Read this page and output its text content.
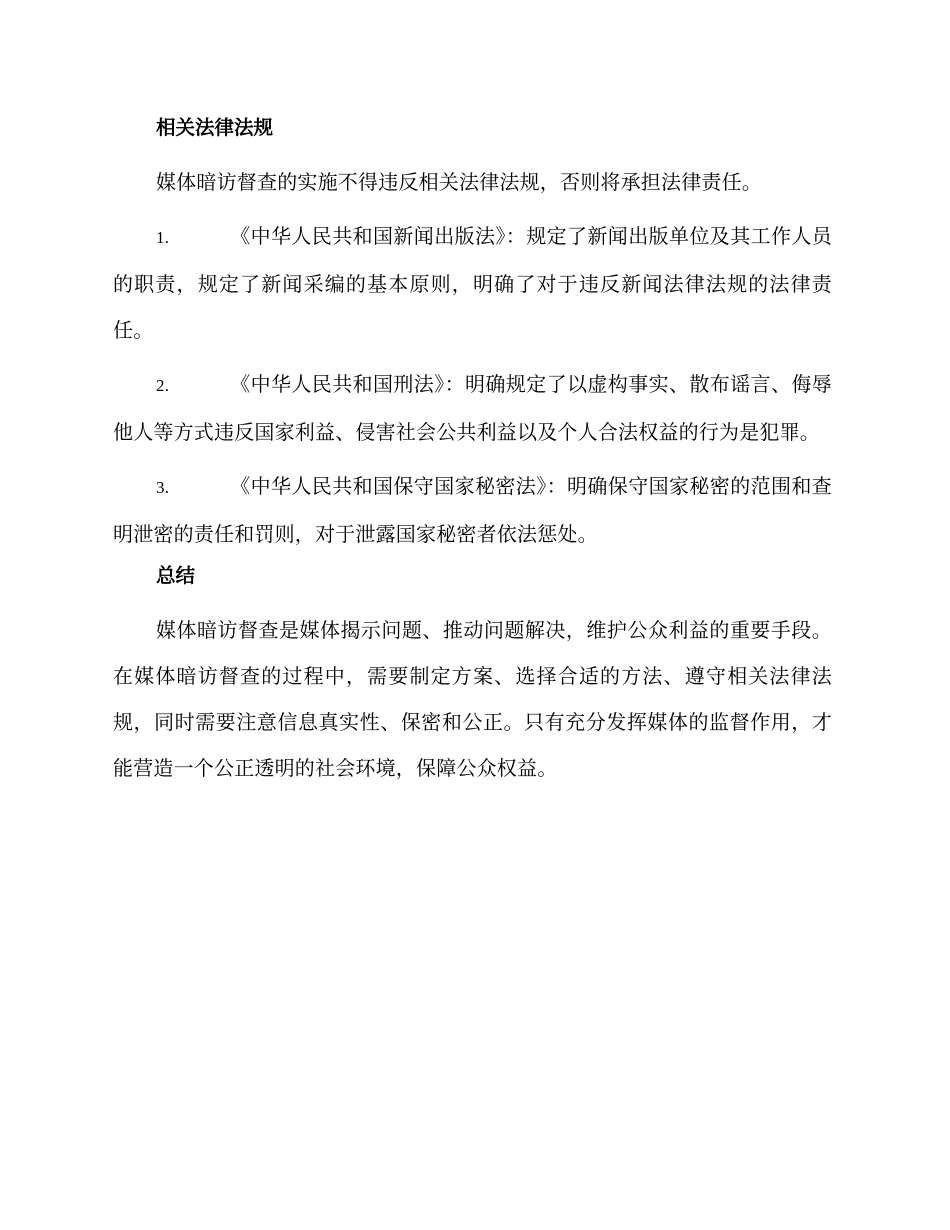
相关法律法规

媒体暗访督查的实施不得违反相关法律法规，否则将承担法律责任。

1.	《中华人民共和国新闻出版法》：规定了新闻出版单位及其工作人员的职责，规定了新闻采编的基本原则，明确了对于违反新闻法律法规的法律责任。

2.	《中华人民共和国刑法》：明确规定了以虚构事实、散布谣言、侮辱他人等方式违反国家利益、侵害社会公共利益以及个人合法权益的行为是犯罪。

3.	《中华人民共和国保守国家秘密法》：明确保守国家秘密的范围和查明泄密的责任和罚则，对于泄露国家秘密者依法惩处。

总结

媒体暗访督查是媒体揭示问题、推动问题解决，维护公众利益的重要手段。在媒体暗访督查的过程中，需要制定方案、选择合适的方法、遵守相关法律法规，同时需要注意信息真实性、保密和公正。只有充分发挥媒体的监督作用，才能营造一个公正透明的社会环境，保障公众权益。
